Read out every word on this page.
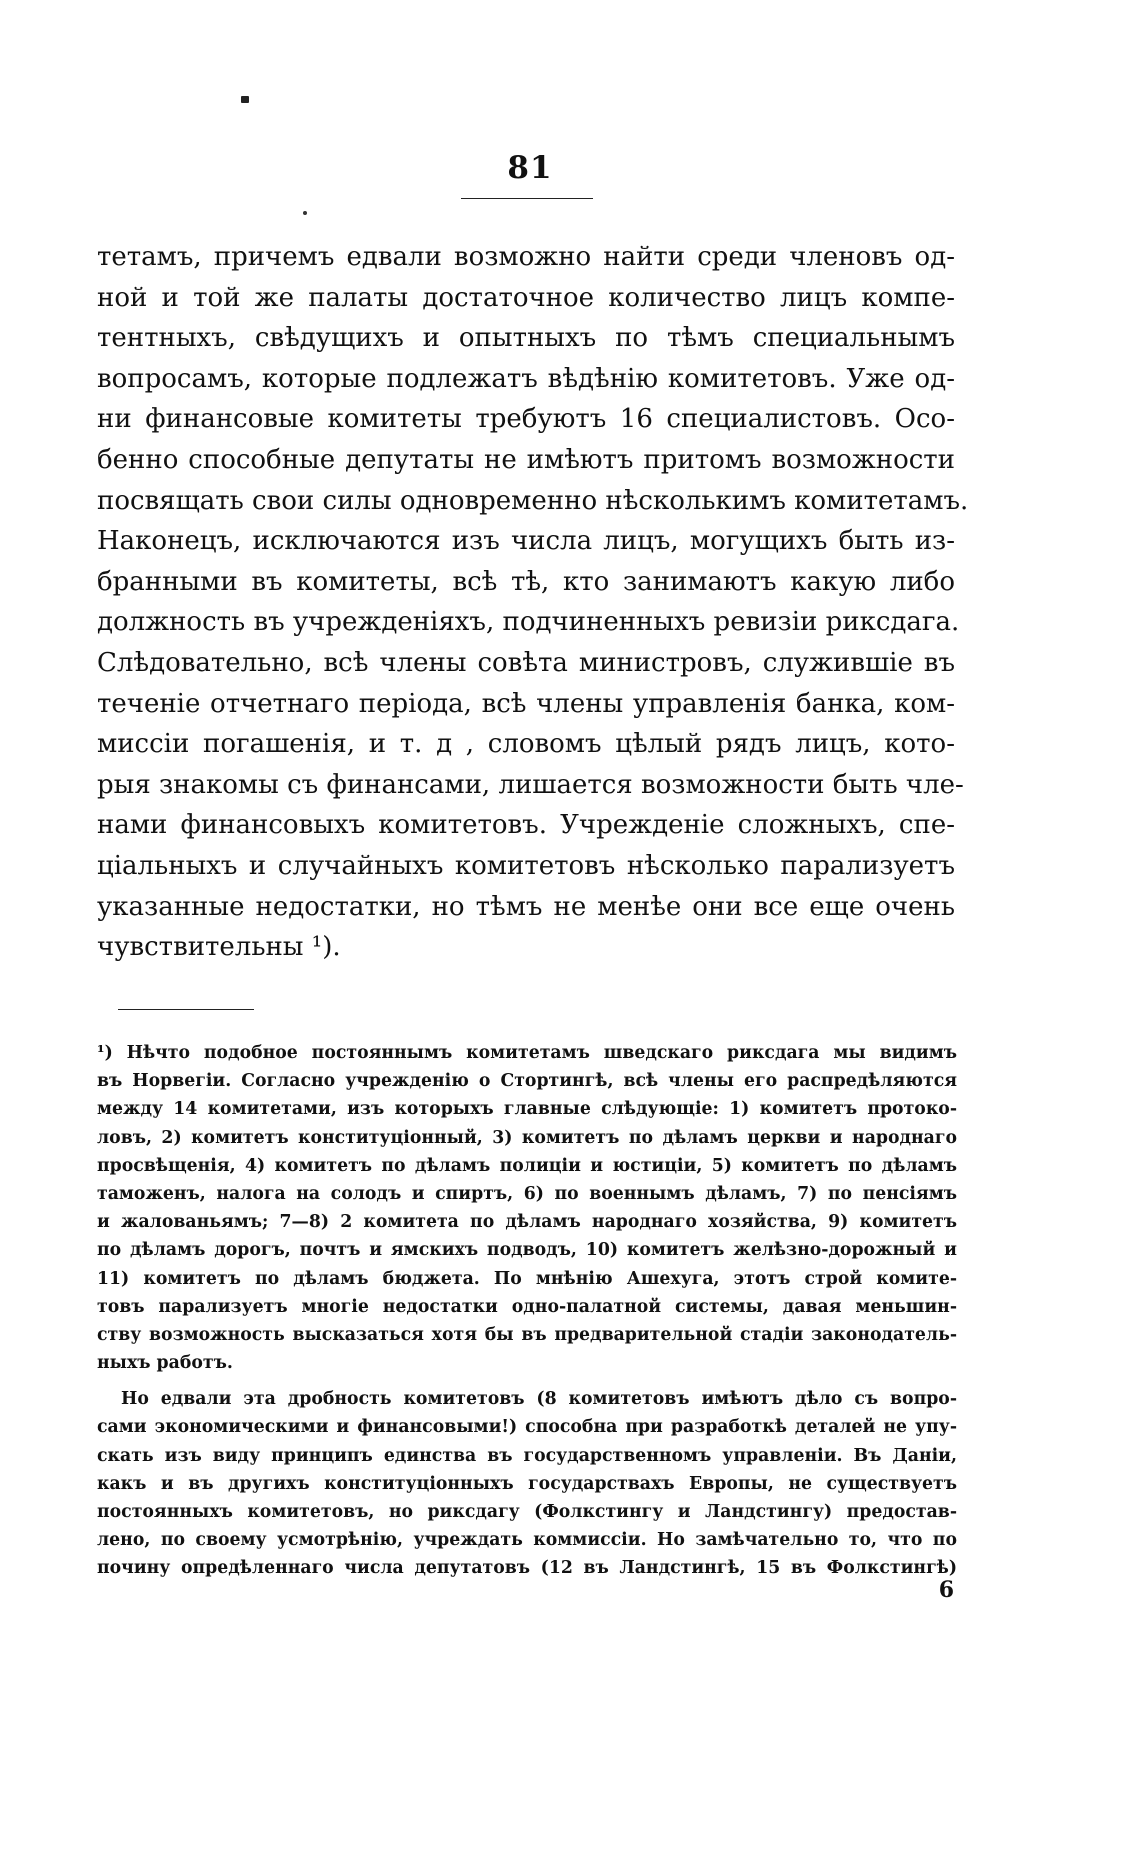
81
тетамъ, причемъ едвали возможно найти среди членовъ од-
ной и той же палаты достаточное количество лицъ компе-
тентныхъ, свѣдущихъ и опытныхъ по тѣмъ специальнымъ
вопросамъ, которые подлежатъ вѣдѣнiю комитетовъ. Уже од-
ни финансовые комитеты требуютъ 16 специалистовъ. Осо-
бенно способные депутаты не имѣютъ притомъ возможности
посвящать свои силы одновременно нѣсколькимъ комитетамъ.
Наконецъ, исключаются изъ числа лицъ, могущихъ быть из-
бранными въ комитеты, всѣ тѣ, кто занимаютъ какую либо
должность въ учрежденiяхъ, подчиненныхъ ревизiи риксдага.
Слѣдовательно, всѣ члены совѣта министровъ, служившiе въ
теченiе отчетнаго перiода, всѣ члены управленiя банка, ком-
миссiи погашенiя, и т. д , словомъ цѣлый рядъ лицъ, кото-
рыя знакомы съ финансами, лишается возможности быть чле-
нами финансовыхъ комитетовъ. Учрежденiе сложныхъ, спе-
цiальныхъ и случайныхъ комитетовъ нѣсколько парализуетъ
указанные недостатки, но тѣмъ не менѣе они все еще очень
чувствительны ¹).
¹) Нѣчто подобное постояннымъ комитетамъ шведскаго риксдага мы видимъ
въ Норвегiи. Согласно учрежденiю о Стортингѣ, всѣ члены его распредѣляются
между 14 комитетами, изъ которыхъ главные слѣдующiе: 1) комитетъ протоко-
ловъ, 2) комитетъ конституцiонный, 3) комитетъ по дѣламъ церкви и народнаго
просвѣщенiя, 4) комитетъ по дѣламъ полицiи и юстицiи, 5) комитетъ по дѣламъ
таможенъ, налога на солодъ и спиртъ, 6) по военнымъ дѣламъ, 7) по пенсiямъ
и жалованьямъ; 7—8) 2 комитета по дѣламъ народнаго хозяйства, 9) комитетъ
по дѣламъ дорогъ, почтъ и ямскихъ подводъ, 10) комитетъ желѣзно-дорожный и
11) комитетъ по дѣламъ бюджета. По мнѣнiю Ашехуга, этотъ строй комите-
товъ парализуетъ многiе недостатки одно-палатной системы, давая меньшин-
ству возможность высказаться хотя бы въ предварительной стадiи законодатель-
ныхъ работъ.
Но едвали эта дробность комитетовъ (8 комитетовъ имѣютъ дѣло съ вопро-
сами экономическими и финансовыми!) способна при разработкѣ деталей не упу-
скать изъ виду принципъ единства въ государственномъ управленiи. Въ Данiи,
какъ и въ другихъ конституцiонныхъ государствахъ Европы, не существуетъ
постоянныхъ комитетовъ, но риксдагу (Фолкстингу и Ландстингу) предостав-
лено, по своему усмотрѣнiю, учреждать коммиссiи. Но замѣчательно то, что по
почину опредѣленнаго числа депутатовъ (12 въ Ландстингѣ, 15 въ Фолкстингѣ)
6
